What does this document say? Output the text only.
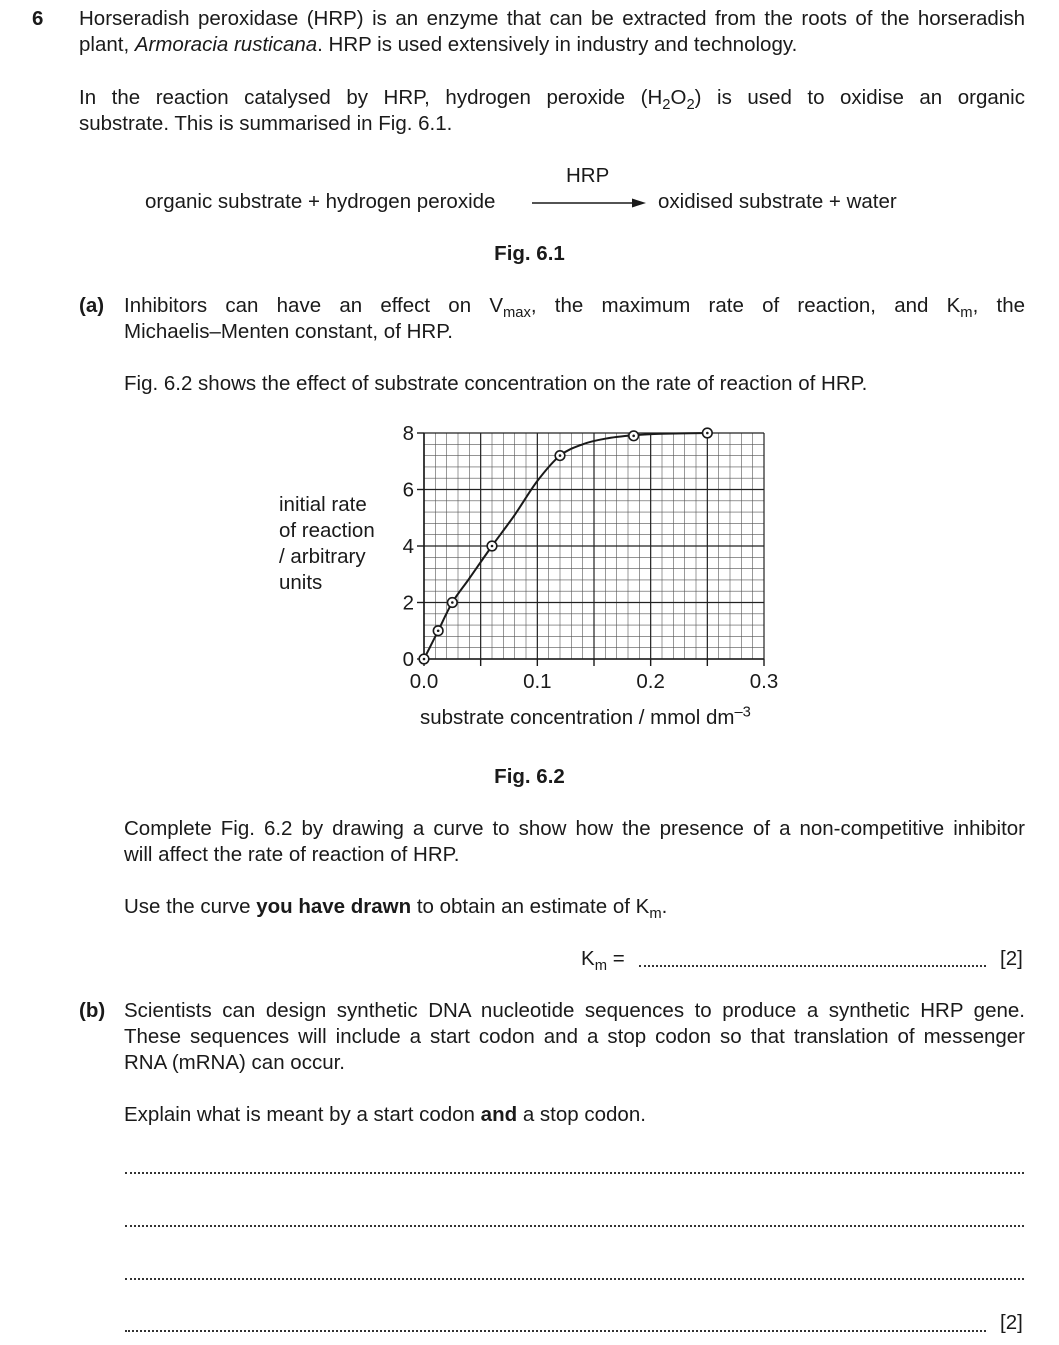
6 Horseradish peroxidase (HRP) is an enzyme that can be extracted from the roots of the horseradish
plant, Armoracia rusticana. HRP is used extensively in industry and technology.
In the reaction catalysed by HRP, hydrogen peroxide $(H_2O_2)$ is used to oxidise an organic
substrate. This is summarised in Fig. 6.1.
organic substrate + hydrogen peroxide
HRP
oxidised substrate + water
Fig. 6.1
(a) Inhibitors can have an effect on $V_{max}$, the maximum rate of reaction, and $K_m$, the
Michaelis–Menten constant, of HRP.
Fig. 6.2 shows the effect of substrate concentration on the rate of reaction of HRP.
initial rate
of reaction
/ arbitrary
units
0.0	0.1	0.2	0.3
0
2
4
6
8
substrate concentration / mmol $dm^{-3}$
Fig. 6.2
Complete Fig. 6.2 by drawing a curve to show how the presence of a non-competitive inhibitor
will affect the rate of reaction of HRP.
Use the curve you have drawn to obtain an estimate of $K_m$.
$K_m$ =	[2]
(b) Scientists can design synthetic DNA nucleotide sequences to produce a synthetic HRP gene.
These sequences will include a start codon and a stop codon so that translation of messenger
RNA (mRNA) can occur.
Explain what is meant by a start codon and a stop codon.
[2]
